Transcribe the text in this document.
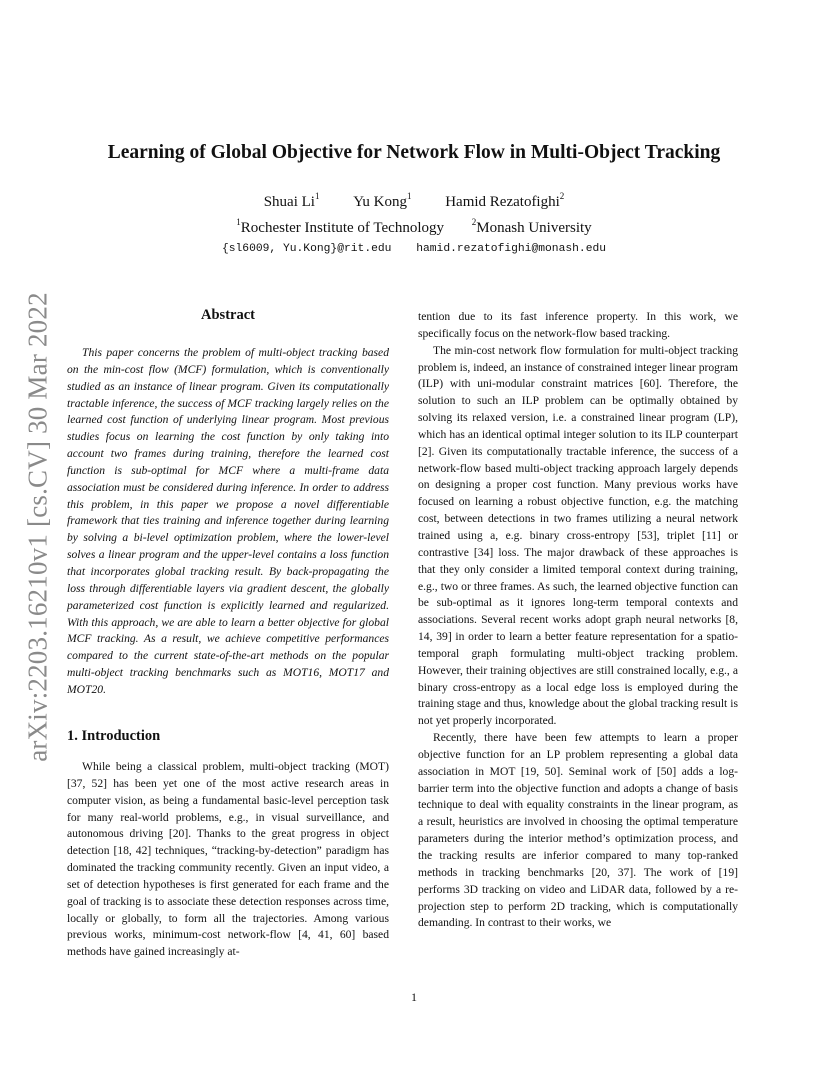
arXiv:2203.16210v1 [cs.CV] 30 Mar 2022
Learning of Global Objective for Network Flow in Multi-Object Tracking
Shuai Li$^1$ Yu Kong$^1$ Hamid Rezatofighi$^2$
$^1$Rochester Institute of Technology	$^2$Monash University
{sl6009, Yu.Kong}@rit.edu hamid.rezatofighi@monash.edu
Abstract

This paper concerns the problem of multi-object tracking based on the min-cost flow (MCF) formulation, which is conventionally studied as an instance of linear program. Given its computationally tractable inference, the success of MCF tracking largely relies on the learned cost function of underlying linear program. Most previous studies focus on learning the cost function by only taking into account two frames during training, therefore the learned cost function is sub-optimal for MCF where a multi-frame data association must be considered during inference. In order to address this problem, in this paper we propose a novel differentiable framework that ties training and inference together during learning by solving a bi-level optimization problem, where the lower-level solves a linear program and the upper-level contains a loss function that incorporates global tracking result. By back-propagating the loss through differentiable layers via gradient descent, the globally parameterized cost function is explicitly learned and regularized. With this approach, we are able to learn a better objective for global MCF tracking. As a result, we achieve competitive performances compared to the current state-of-the-art methods on the popular multi-object tracking benchmarks such as MOT16, MOT17 and MOT20.

1. Introduction

While being a classical problem, multi-object tracking (MOT) [37, 52] has been yet one of the most active research areas in computer vision, as being a fundamental basic-level perception task for many real-world problems, e.g., in visual surveillance, and autonomous driving [20]. Thanks to the great progress in object detection [18, 42] techniques, “tracking-by-detection” paradigm has dominated the tracking community recently. Given an input video, a set of detection hypotheses is first generated for each frame and the goal of tracking is to associate these detection responses across time, locally or globally, to form all the trajectories. Among various previous works, minimum-cost network-flow [4, 41, 60] based methods have gained increasingly at-

tention due to its fast inference property. In this work, we specifically focus on the network-flow based tracking.

The min-cost network flow formulation for multi-object tracking problem is, indeed, an instance of constrained integer linear program (ILP) with uni-modular constraint matrices [60]. Therefore, the solution to such an ILP problem can be optimally obtained by solving its relaxed version, i.e. a constrained linear program (LP), which has an identical optimal integer solution to its ILP counterpart [2]. Given its computationally tractable inference, the success of a network-flow based multi-object tracking approach largely depends on designing a proper cost function. Many previous works have focused on learning a robust objective function, e.g. the matching cost, between detections in two frames utilizing a neural network trained using a, e.g. binary cross-entropy [53], triplet [11] or contrastive [34] loss. The major drawback of these approaches is that they only consider a limited temporal context during training, e.g., two or three frames. As such, the learned objective function can be sub-optimal as it ignores long-term temporal contexts and associations. Several recent works adopt graph neural networks [8, 14, 39] in order to learn a better feature representation for a spatio-temporal graph formulating multi-object tracking problem. However, their training objectives are still constrained locally, e.g., a binary cross-entropy as a local edge loss is employed during the training stage and thus, knowledge about the global tracking result is not yet properly incorporated.

Recently, there have been few attempts to learn a proper objective function for an LP problem representing a global data association in MOT [19, 50]. Seminal work of [50] adds a log-barrier term into the objective function and adopts a change of basis technique to deal with equality constraints in the linear program, as a result, heuristics are involved in choosing the optimal temperature parameters during the interior method’s optimization process, and the tracking results are inferior compared to many top-ranked methods in tracking benchmarks [20, 37]. The work of [19] performs 3D tracking on video and LiDAR data, followed by a re-projection step to perform 2D tracking, which is computationally demanding. In contrast to their works, we

1
